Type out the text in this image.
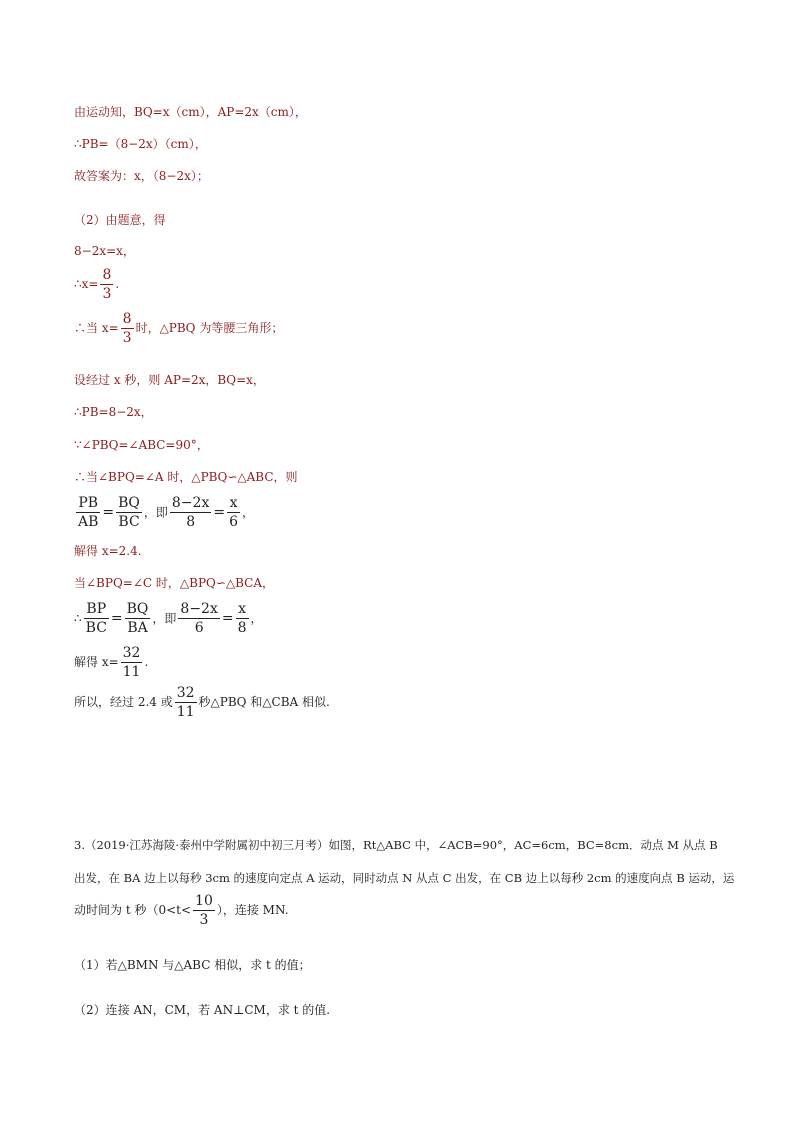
由运动知，BQ=x（cm），AP=2x（cm），
∴PB=（8−2x）（cm），
故答案为：x，（8−2x）；
（2）由题意，得
8−2x=x，
∴x= $\frac{8}{3}$ .
∴当 $x= \frac{8}{3}$ 时，△PBQ 为等腰三角形；
设经过 x 秒，则 AP=2x，BQ=x，
∴PB=8−2x，
∵∠PBQ=∠ABC=90°，
∴当∠BPQ=∠A 时，△PBQ∽△ABC，则
$\frac{PB}{AB} = \frac{BQ}{BC}$ ，即 $\frac{8-2x}{8} = \frac{x}{6}$ ，
解得 x=2.4.
当∠BPQ=∠C 时，△BPQ∽△BCA，
∴ $\frac{BP}{BC} = \frac{BQ}{BA}$ ，即 $\frac{8-2x}{6} = \frac{x}{8}$ ，
解得 $x= \frac{32}{11}$ .
所以，经过 2.4 或 $\frac{32}{11}$ 秒△PBQ 和△CBA 相似.
3.（2019·江苏海陵·泰州中学附属初中初三月考）如图，Rt△ABC 中，∠ACB=90°，AC=6cm，BC=8cm．动点 M 从点 B
出发，在 BA 边上以每秒 3cm 的速度向定点 A 运动，同时动点 N 从点 C 出发，在 CB 边上以每秒 2cm 的速度向点 B 运动，运
动时间为 t 秒（$0<t< \frac{10}{3}$ ），连接 MN.
（1）若△BMN 与△ABC 相似，求 t 的值；
（2）连接 AN，CM，若 AN⊥CM，求 t 的值.
